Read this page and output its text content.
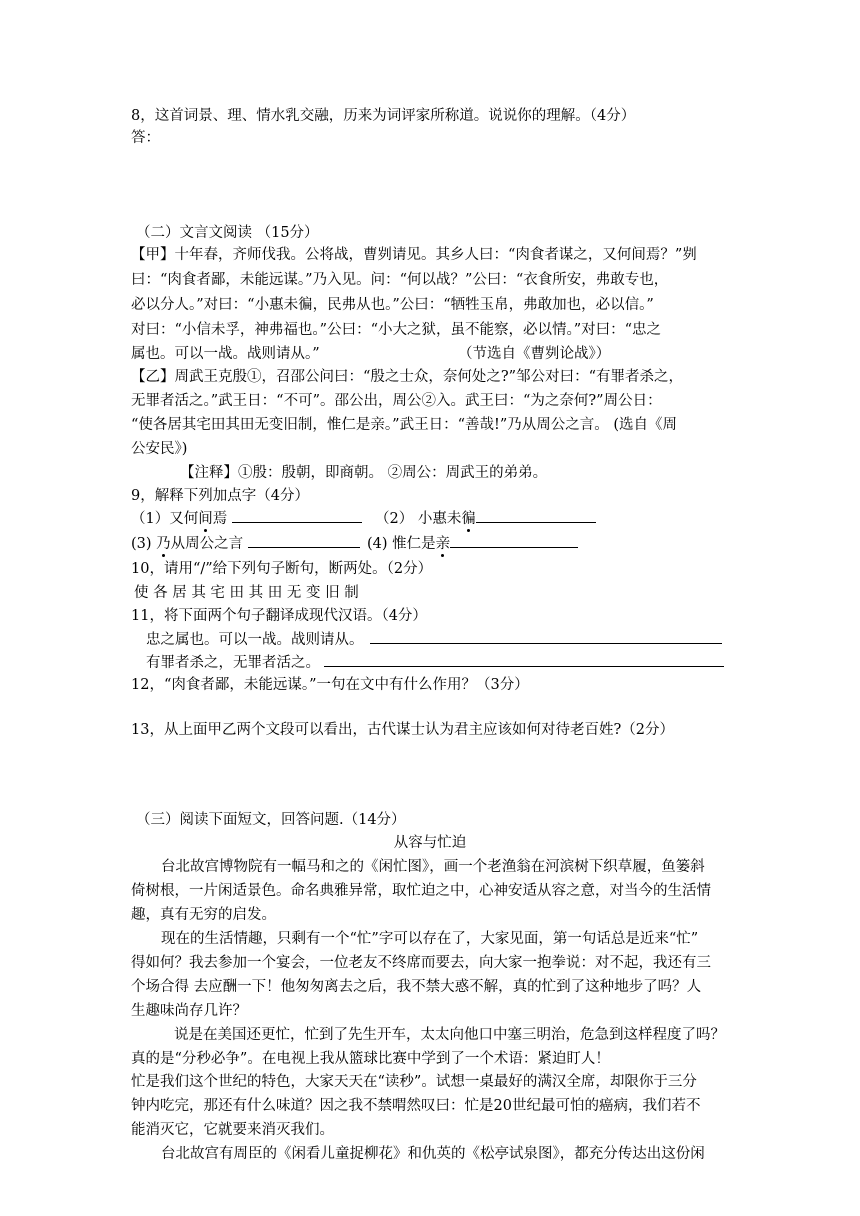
8，这首词景、理、情水乳交融，历来为词评家所称道。说说你的理解。（4分）
答：
（二）文言文阅读 （15分）
【甲】十年春，齐师伐我。公将战，曹刿请见。其乡人曰：“肉食者谋之，又何间焉？”刿
曰：“肉食者鄙，未能远谋。”乃入见。问：“何以战？”公曰：“衣食所安，弗敢专也，
必以分人。”对曰：“小惠未徧，民弗从也。”公曰：“牺牲玉帛，弗敢加也，必以信。”
对曰：“小信未孚，神弗福也。”公曰：“小大之狱，虽不能察，必以情。”对曰：“忠之
属也。可以一战。战则请从。”	（节选自《曹刿论战》）
【乙】周武王克殷①，召邵公问曰：“殷之士众，奈何处之?”邹公对曰：“有罪者杀之，
无罪者活之。”武王日：“不可”。邵公出，周公②入。武王曰：“为之奈何?”周公日：
“使各居其宅田其田无变旧制，惟仁是亲。”武王日：“善哉!”乃从周公之言。 (选自《周
公安民》)
【注释】①殷：殷朝，即商朝。 ②周公：周武王的弟弟。
9，解释下列加点字（4分）
（1）又何间焉	（2） 小惠未徧
(3) 乃从周公之言	(4) 惟仁是亲
10，请用“/”给下列句子断句，断两处。（2分）
使 各 居 其 宅 田 其 田 无 变 旧 制
11，将下面两个句子翻译成现代汉语。（4分）
忠之属也。可以一战。战则请从。
有罪者杀之，无罪者活之。
12，“肉食者鄙，未能远谋。”一句在文中有什么作用？（3分）
13，从上面甲乙两个文段可以看出，古代谋士认为君主应该如何对待老百姓?（2分）
（三）阅读下面短文，回答问题.（14分）
从容与忙迫
台北故宫博物院有一幅马和之的《闲忙图》，画一个老渔翁在河滨树下织草履，鱼篓斜
倚树根，一片闲适景色。命名典雅异常，取忙迫之中，心神安适从容之意，对当今的生活情
趣，真有无穷的启发。
现在的生活情趣，只剩有一个“忙”字可以存在了，大家见面，第一句话总是近来“忙”
得如何？我去参加一个宴会，一位老友不终席而要去，向大家一抱拳说：对不起，我还有三
个场合得 去应酬一下！他匆匆离去之后，我不禁大惑不解，真的忙到了这种地步了吗？人
生趣味尚存几许？
说是在美国还更忙，忙到了先生开车，太太向他口中塞三明治，危急到这样程度了吗？
真的是“分秒必争”。在电视上我从篮球比赛中学到了一个术语：紧迫盯人！
忙是我们这个世纪的特色，大家天天在“读秒”。试想一桌最好的满汉全席，却限你于三分
钟内吃完，那还有什么味道？因之我不禁喟然叹曰：忙是20世纪最可怕的癌病，我们若不
能消灭它，它就要来消灭我们。
台北故宫有周臣的《闲看儿童捉柳花》和仇英的《松亭试泉图》，都充分传达出这份闲
